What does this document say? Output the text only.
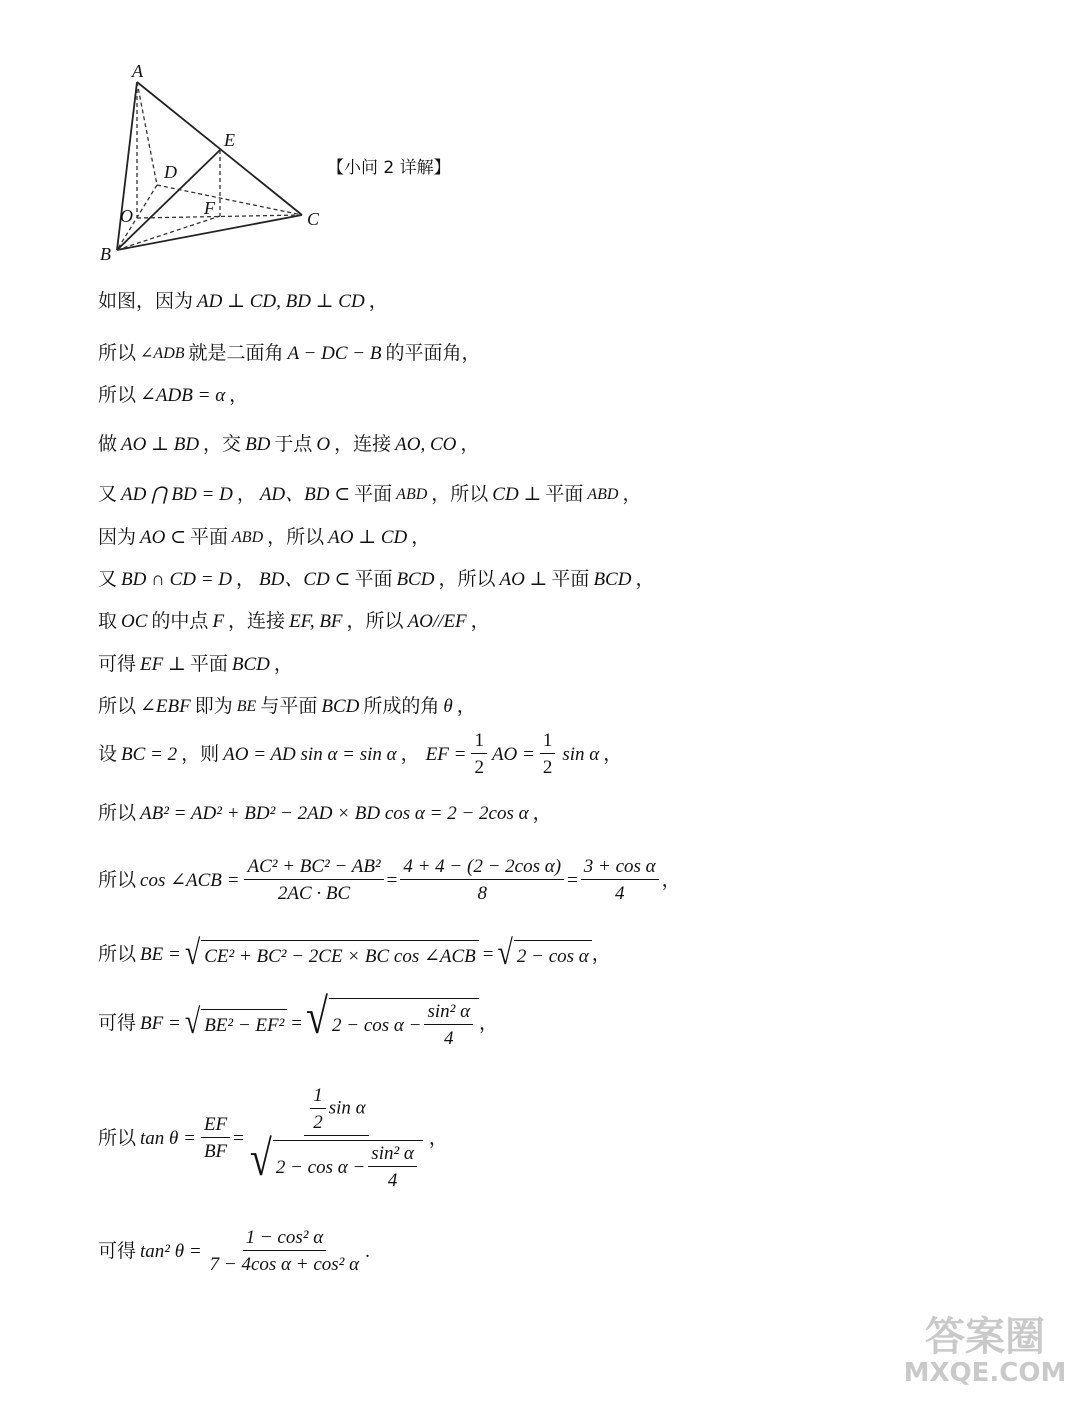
A
B
C
D
E
F
O
【小问 2 详解】
如图，因为 AD ⊥ CD, BD ⊥ CD ，
所以 ∠ADB 就是二面角 A − DC − B 的平面角，
所以 ∠ADB = α ，
做 AO ⊥ BD ，交 BD 于点 O ，连接 AO, CO ，
又 AD ⋂ BD = D ， AD、BD ⊂ 平面 ABD ，所以 CD ⊥ 平面 ABD ，
因为 AO ⊂ 平面 ABD ，所以 AO ⊥ CD ，
又 BD ∩ CD = D ， BD、CD ⊂ 平面 BCD ，所以 AO ⊥ 平面 BCD ，
取 OC 的中点 F ，连接 EF, BF ，所以 AO//EF ，
可得 EF ⊥ 平面 BCD ，
所以 ∠EBF 即为 BE 与平面 BCD 所成的角 θ ，
设 BC = 2 ，则 AO = AD sin α = sin α ， EF = $\frac{1}{2}$ AO = $\frac{1}{2}$ sin α ，
所以 AB² = AD² + BD² − 2AD × BD cos α = 2 − 2cos α ，
所以 cos ∠ACB = $\frac{\text{AC² + BC² − AB²}}{2AC \cdot BC} = \frac{\text{4 + 4 − (2 − 2cos α)}}{8} = \frac{\text{3 + cos α}}{4}$ ，
所以 BE = √ CE² + BC² − 2CE × BC cos ∠ACB = √ 2 − cos α ，
可得 BF = √ BE² − EF² = √ $2 - \cos \alpha - \frac{\text{sin² α}}{4}$ ，
所以 $\tan \theta = \frac{EF}{BF} = \frac{\frac{1}{2} \sin \alpha}{√ 2 - \cos \alpha - \frac{\text{sin² α}}{4}}$ ，
可得 tan² $\theta = \frac{\text{1 − cos² α}}{\text{7 − 4cos α + cos² α}}$ .
答案圈
MXQE.COM
